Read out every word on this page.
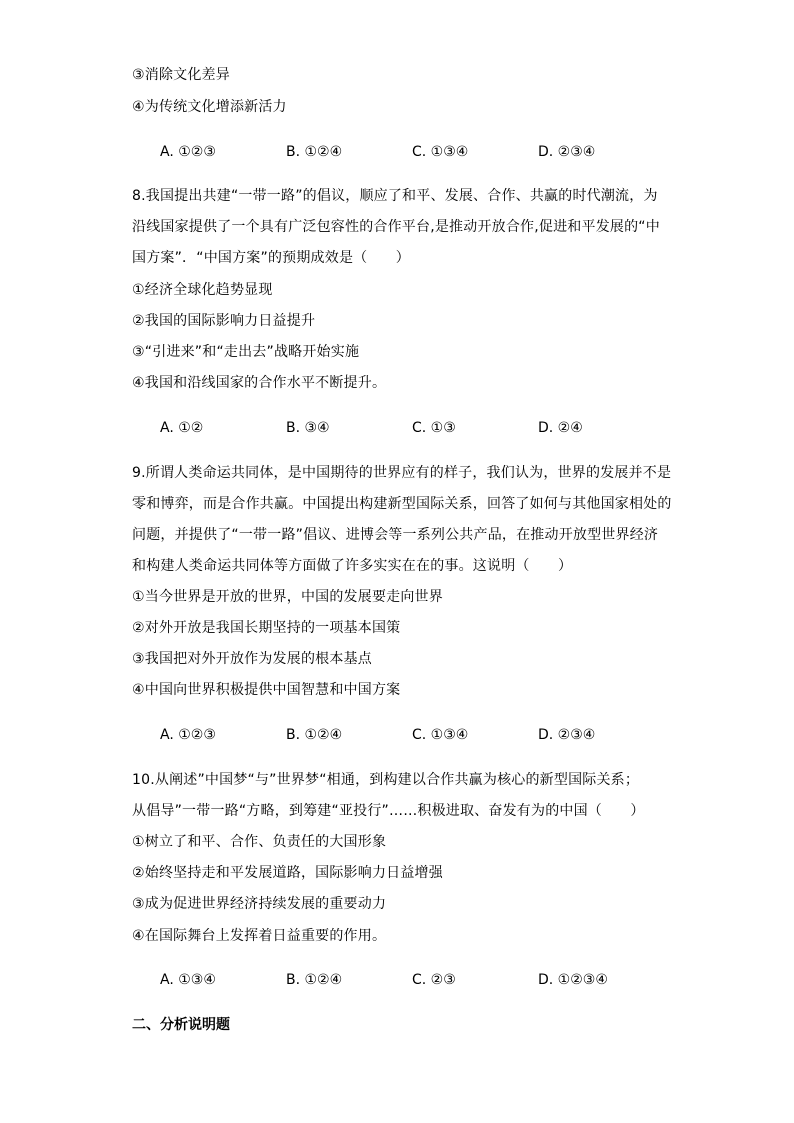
③消除文化差异
④为传统文化增添新活力
A. ①②③	B. ①②④	C. ①③④	D. ②③④
8.我国提出共建“一带一路”的倡议，顺应了和平、发展、合作、共赢的时代潮流，为
沿线国家提供了一个具有广泛包容性的合作平台,是推动开放合作,促进和平发展的“中
国方案”．“中国方案”的预期成效是（　　）
①经济全球化趋势显现
②我国的国际影响力日益提升
③“引进来”和“走出去”战略开始实施
④我国和沿线国家的合作水平不断提升。
A. ①②	B. ③④	C. ①③	D. ②④
9.所谓人类命运共同体，是中国期待的世界应有的样子，我们认为，世界的发展并不是
零和博弈，而是合作共赢。中国提出构建新型国际关系，回答了如何与其他国家相处的
问题，并提供了“一带一路”倡议、进博会等一系列公共产品，在推动开放型世界经济
和构建人类命运共同体等方面做了许多实实在在的事。这说明（　　）
①当今世界是开放的世界，中国的发展要走向世界
②对外开放是我国长期坚持的一项基本国策
③我国把对外开放作为发展的根本基点
④中国向世界积极提供中国智慧和中国方案
A. ①②③	B. ①②④	C. ①③④	D. ②③④
10.从阐述”中国梦“与”世界梦“相通，到构建以合作共赢为核心的新型国际关系；
从倡导”一带一路“方略，到筹建“亚投行”……积极进取、奋发有为的中国（　　）
①树立了和平、合作、负责任的大国形象
②始终坚持走和平发展道路，国际影响力日益增强
③成为促进世界经济持续发展的重要动力
④在国际舞台上发挥着日益重要的作用。
A. ①③④	B. ①②④	C. ②③	D. ①②③④
二、分析说明题
